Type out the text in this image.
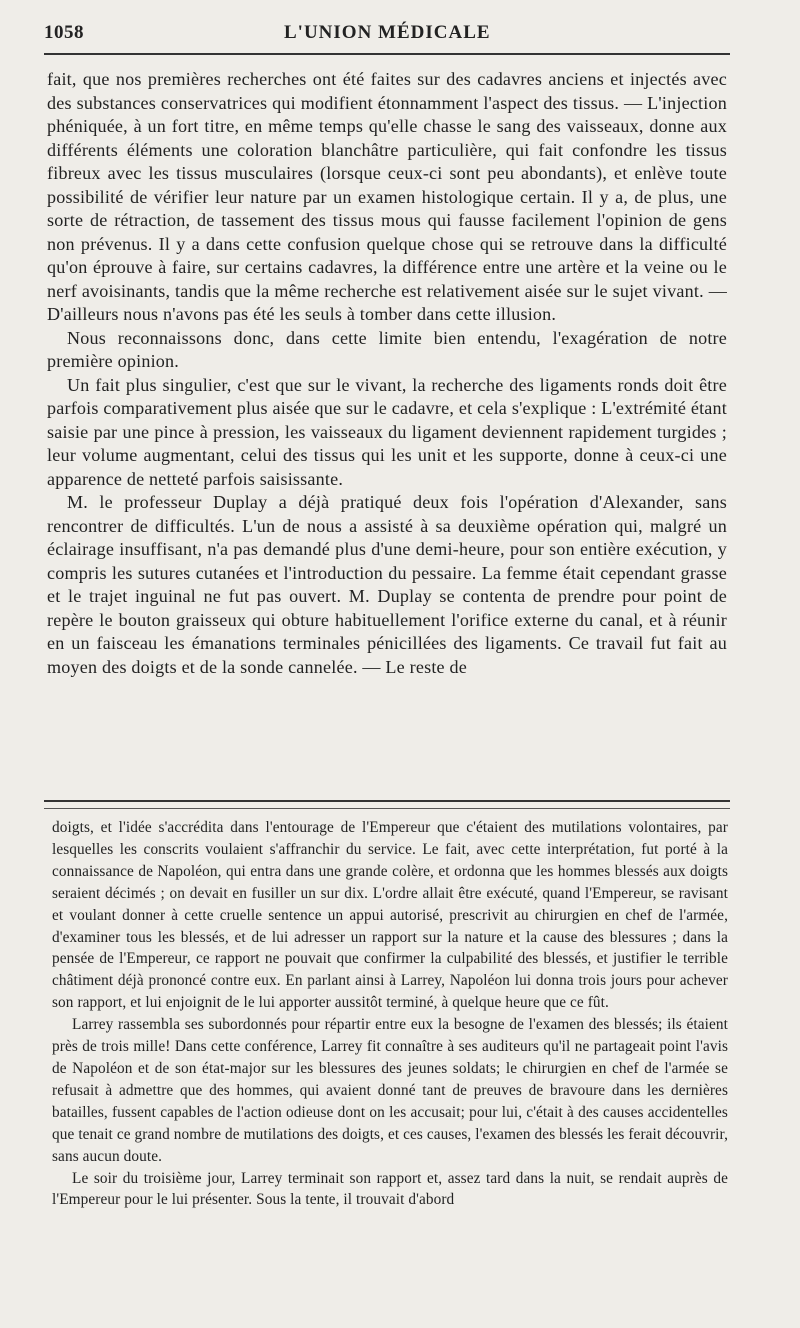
1058	L'UNION MÉDICALE

fait, que nos premières recherches ont été faites sur des cadavres anciens et injectés avec des substances conservatrices qui modifient étonnamment l'aspect des tissus. — L'injection phéniquée, à un fort titre, en même temps qu'elle chasse le sang des vaisseaux, donne aux différents éléments une coloration blanchâtre particulière, qui fait confondre les tissus fibreux avec les tissus musculaires (lorsque ceux-ci sont peu abondants), et enlève toute possibilité de vérifier leur nature par un examen histologique certain. Il y a, de plus, une sorte de rétraction, de tassement des tissus mous qui fausse facilement l'opinion de gens non prévenus. Il y a dans cette confusion quelque chose qui se retrouve dans la difficulté qu'on éprouve à faire, sur certains cadavres, la différence entre une artère et la veine ou le nerf avoisinants, tandis que la même recherche est relativement aisée sur le sujet vivant. — D'ailleurs nous n'avons pas été les seuls à tomber dans cette illusion.

Nous reconnaissons donc, dans cette limite bien entendu, l'exagération de notre première opinion.

Un fait plus singulier, c'est que sur le vivant, la recherche des ligaments ronds doit être parfois comparativement plus aisée que sur le cadavre, et cela s'explique : L'extrémité étant saisie par une pince à pression, les vaisseaux du ligament deviennent rapidement turgides ; leur volume augmentant, celui des tissus qui les unit et les supporte, donne à ceux-ci une apparence de netteté parfois saisissante.

M. le professeur Duplay a déjà pratiqué deux fois l'opération d'Alexander, sans rencontrer de difficultés. L'un de nous a assisté à sa deuxième opération qui, malgré un éclairage insuffisant, n'a pas demandé plus d'une demi-heure, pour son entière exécution, y compris les sutures cutanées et l'introduction du pessaire. La femme était cependant grasse et le trajet inguinal ne fut pas ouvert. M. Duplay se contenta de prendre pour point de repère le bouton graisseux qui obture habituellement l'orifice externe du canal, et à réunir en un faisceau les émanations terminales pénicillées des ligaments. Ce travail fut fait au moyen des doigts et de la sonde cannelée. — Le reste de

doigts, et l'idée s'accrédita dans l'entourage de l'Empereur que c'étaient des mutilations volontaires, par lesquelles les conscrits voulaient s'affranchir du service. Le fait, avec cette interprétation, fut porté à la connaissance de Napoléon, qui entra dans une grande colère, et ordonna que les hommes blessés aux doigts seraient décimés ; on devait en fusiller un sur dix. L'ordre allait être exécuté, quand l'Empereur, se ravisant et voulant donner à cette cruelle sentence un appui autorisé, prescrivit au chirurgien en chef de l'armée, d'examiner tous les blessés, et de lui adresser un rapport sur la nature et la cause des blessures ; dans la pensée de l'Empereur, ce rapport ne pouvait que confirmer la culpabilité des blessés, et justifier le terrible châtiment déjà prononcé contre eux. En parlant ainsi à Larrey, Napoléon lui donna trois jours pour achever son rapport, et lui enjoignit de le lui apporter aussitôt terminé, à quelque heure que ce fût.

Larrey rassembla ses subordonnés pour répartir entre eux la besogne de l'examen des blessés; ils étaient près de trois mille! Dans cette conférence, Larrey fit connaître à ses auditeurs qu'il ne partageait point l'avis de Napoléon et de son état-major sur les blessures des jeunes soldats; le chirurgien en chef de l'armée se refusait à admettre que des hommes, qui avaient donné tant de preuves de bravoure dans les dernières batailles, fussent capables de l'action odieuse dont on les accusait; pour lui, c'était à des causes accidentelles que tenait ce grand nombre de mutilations des doigts, et ces causes, l'examen des blessés les ferait découvrir, sans aucun doute.

Le soir du troisième jour, Larrey terminait son rapport et, assez tard dans la nuit, se rendait auprès de l'Empereur pour le lui présenter. Sous la tente, il trouvait d'abord
